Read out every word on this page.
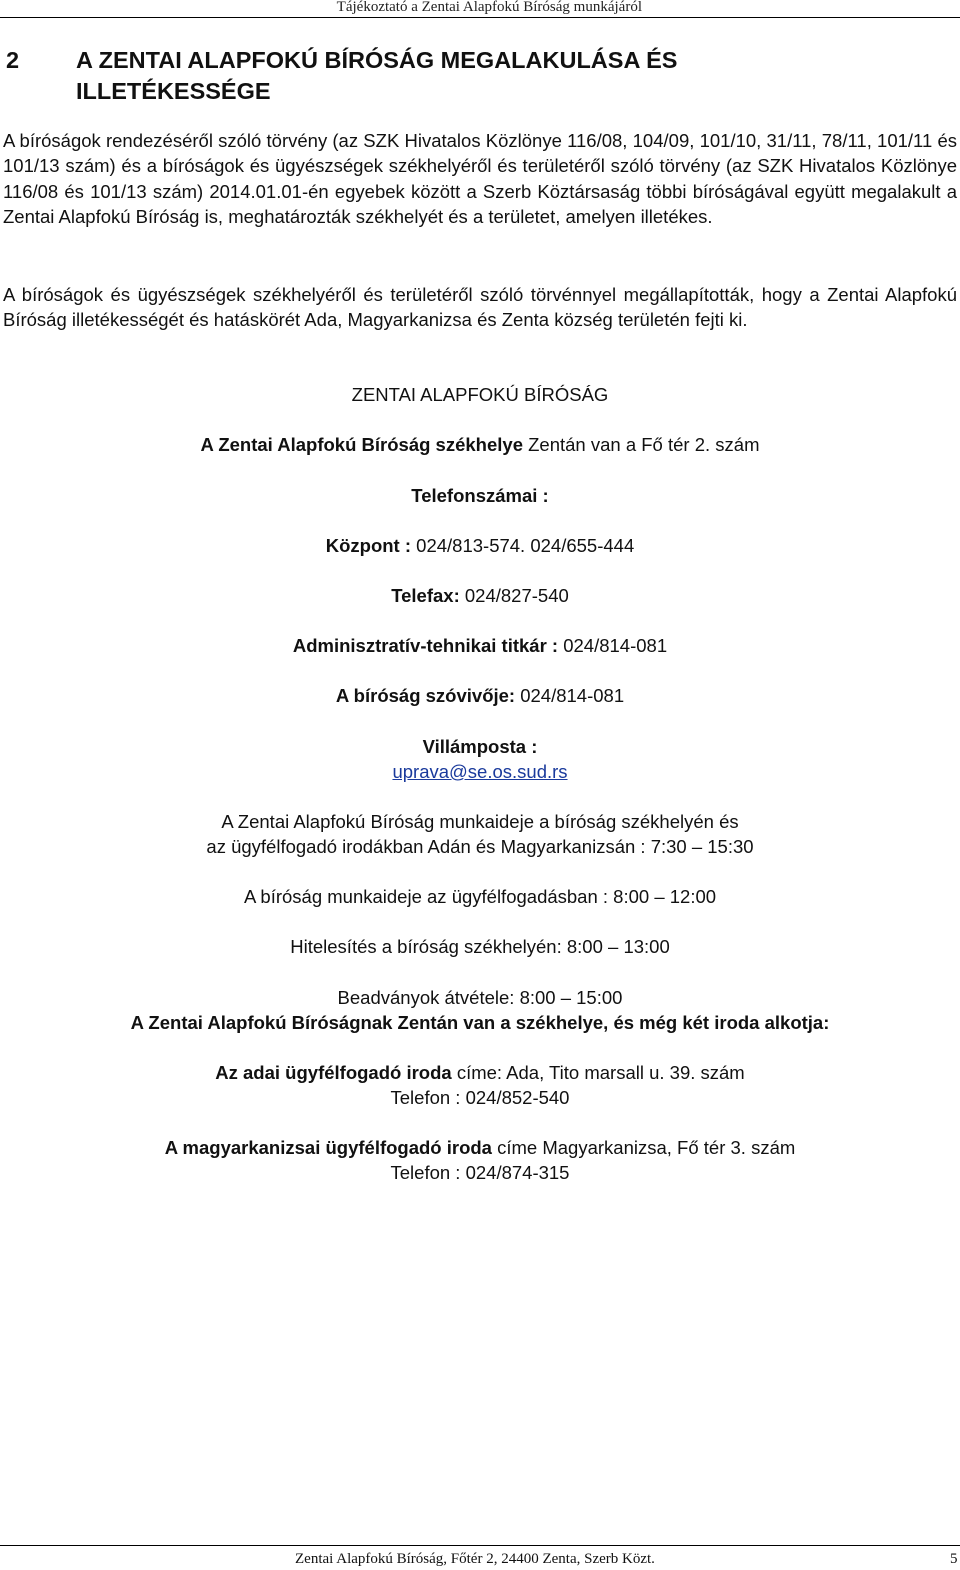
Tájékoztató a Zentai Alapfokú Bíróság munkájáról
2 A ZENTAI ALAPFOKÚ BÍRÓSÁG MEGALAKULÁSA ÉS ILLETÉKESSÉGE
A bíróságok rendezéséről szóló törvény (az SZK Hivatalos Közlönye 116/08, 104/09, 101/10, 31/11, 78/11, 101/11 és 101/13 szám) és a bíróságok és ügyészségek székhelyéről és területéről szóló törvény (az SZK Hivatalos Közlönye 116/08 és 101/13 szám) 2014.01.01-én egyebek között a Szerb Köztársaság többi bíróságával együtt megalakult a Zentai Alapfokú Bíróság is, meghatározták székhelyét és a területet, amelyen illetékes.
A bíróságok és ügyészségek székhelyéről és területéről szóló törvénnyel megállapították, hogy a Zentai Alapfokú Bíróság illetékességét és hatáskörét Ada, Magyarkanizsa és Zenta község területén fejti ki.
ZENTAI ALAPFOKÚ BÍRÓSÁG
A Zentai Alapfokú Bíróság székhelye Zentán van a Fő tér 2. szám
Telefonszámai :
Központ : 024/813-574. 024/655-444
Telefax: 024/827-540
Adminisztratív-tehnikai titkár : 024/814-081
A bíróság szóvivője: 024/814-081
Villámposta :
uprava@se.os.sud.rs
A Zentai Alapfokú Bíróság munkaideje a bíróság székhelyén és
az ügyfélfogadó irodákban Adán és Magyarkanizsán : 7:30 – 15:30
A bíróság munkaideje az ügyfélfogadásban : 8:00 – 12:00
Hitelesítés a bíróság székhelyén: 8:00 – 13:00
Beadványok átvétele: 8:00 – 15:00
A Zentai Alapfokú Bíróságnak Zentán van a székhelye, és még két iroda alkotja:
Az adai ügyfélfogadó iroda címe: Ada, Tito marsall u. 39. szám
Telefon : 024/852-540
A magyarkanizsai ügyfélfogadó iroda címe Magyarkanizsa, Fő tér 3. szám
Telefon : 024/874-315
Zentai Alapfokú Bíróság, Főtér 2, 24400 Zenta, Szerb Közt.	5
